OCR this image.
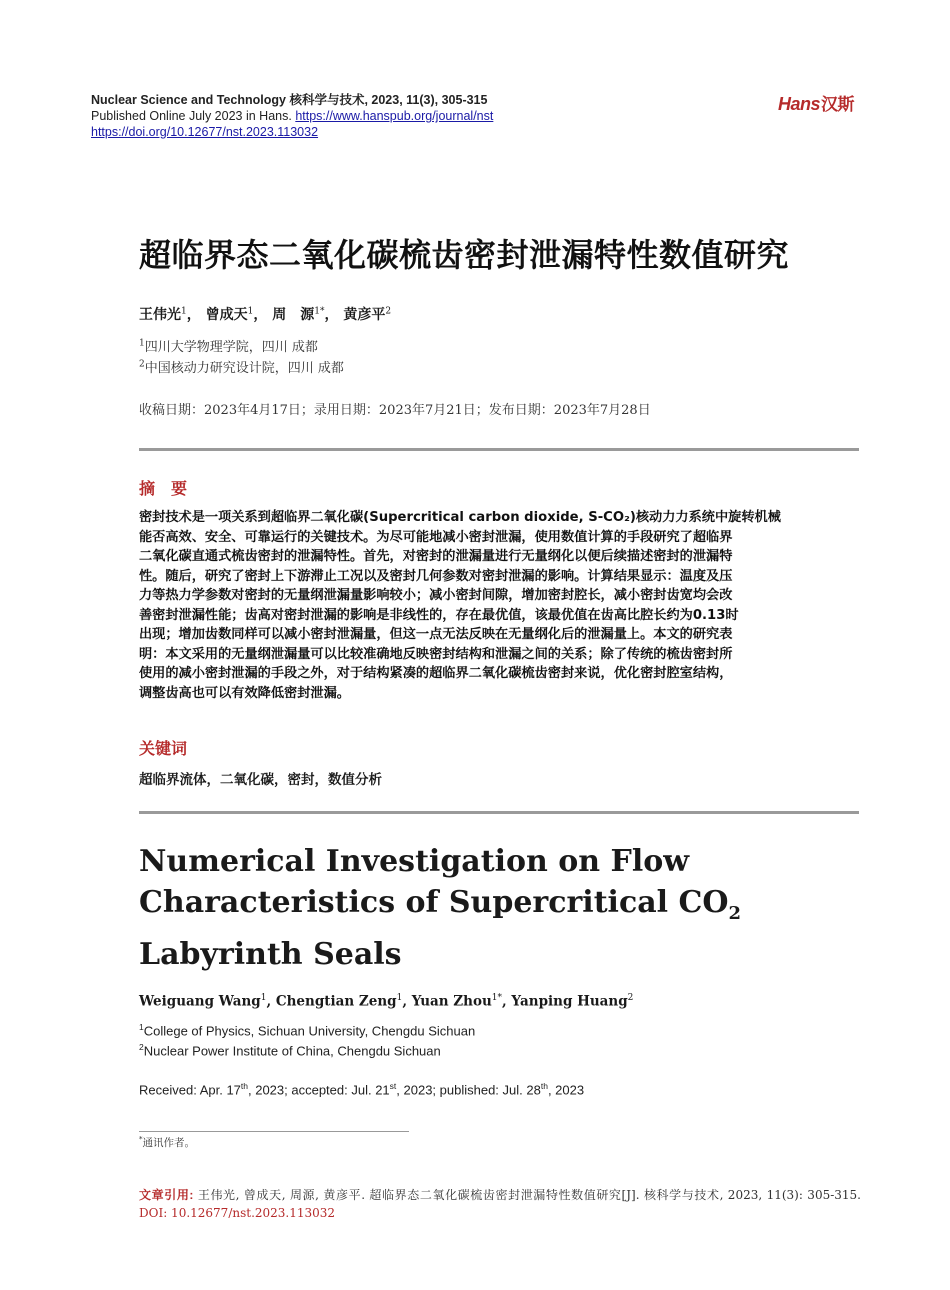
Nuclear Science and Technology 核科学与技术, 2023, 11(3), 305-315
Published Online July 2023 in Hans. https://www.hanspub.org/journal/nst
https://doi.org/10.12677/nst.2023.113032
Hans汉斯
超临界态二氧化碳梳齿密封泄漏特性数值研究
王伟光$^1$， 曾成天$^1$， 周　源$^{1*}$， 黄彦平$^2$
$^1$四川大学物理学院，四川 成都
$^2$中国核动力研究设计院，四川 成都
收稿日期：2023年4月17日；录用日期：2023年7月21日；发布日期：2023年7月28日
摘　要
密封技术是一项关系到超临界二氧化碳(Supercritical carbon dioxide, S-CO₂)核动力力系统中旋转机械
能否高效、安全、可靠运行的关键技术。为尽可能地减小密封泄漏，使用数值计算的手段研究了超临界
二氧化碳直通式梳齿密封的泄漏特性。首先，对密封的泄漏量进行无量纲化以便后续描述密封的泄漏特
性。随后，研究了密封上下游滞止工况以及密封几何参数对密封泄漏的影响。计算结果显示：温度及压
力等热力学参数对密封的无量纲泄漏量影响较小；减小密封间隙，增加密封腔长，减小密封齿宽均会改
善密封泄漏性能；齿高对密封泄漏的影响是非线性的，存在最优值，该最优值在齿高比腔长约为0.13时
出现；增加齿数同样可以减小密封泄漏量，但这一点无法反映在无量纲化后的泄漏量上。本文的研究表
明：本文采用的无量纲泄漏量可以比较准确地反映密封结构和泄漏之间的关系；除了传统的梳齿密封所
使用的减小密封泄漏的手段之外，对于结构紧凑的超临界二氧化碳梳齿密封来说，优化密封腔室结构，
调整齿高也可以有效降低密封泄漏。
关键词
超临界流体，二氧化碳，密封，数值分析
Numerical Investigation on Flow
Characteristics of Supercritical $CO_2$
Labyrinth Seals
Weiguang Wang$^1$, Chengtian Zeng$^1$, Yuan Zhou$^{1*}$, Yanping Huang$^2$
$^1$College of Physics, Sichuan University, Chengdu Sichuan
$^2$Nuclear Power Institute of China, Chengdu Sichuan
Received: Apr. 17th, 2023; accepted: Jul. 21st, 2023; published: Jul. 28th, 2023
*通讯作者。
文章引用: 王伟光, 曾成天, 周源, 黄彦平. 超临界态二氧化碳梳齿密封泄漏特性数值研究[J]. 核科学与技术, 2023, 11(3): 305-315. DOI: 10.12677/nst.2023.113032
